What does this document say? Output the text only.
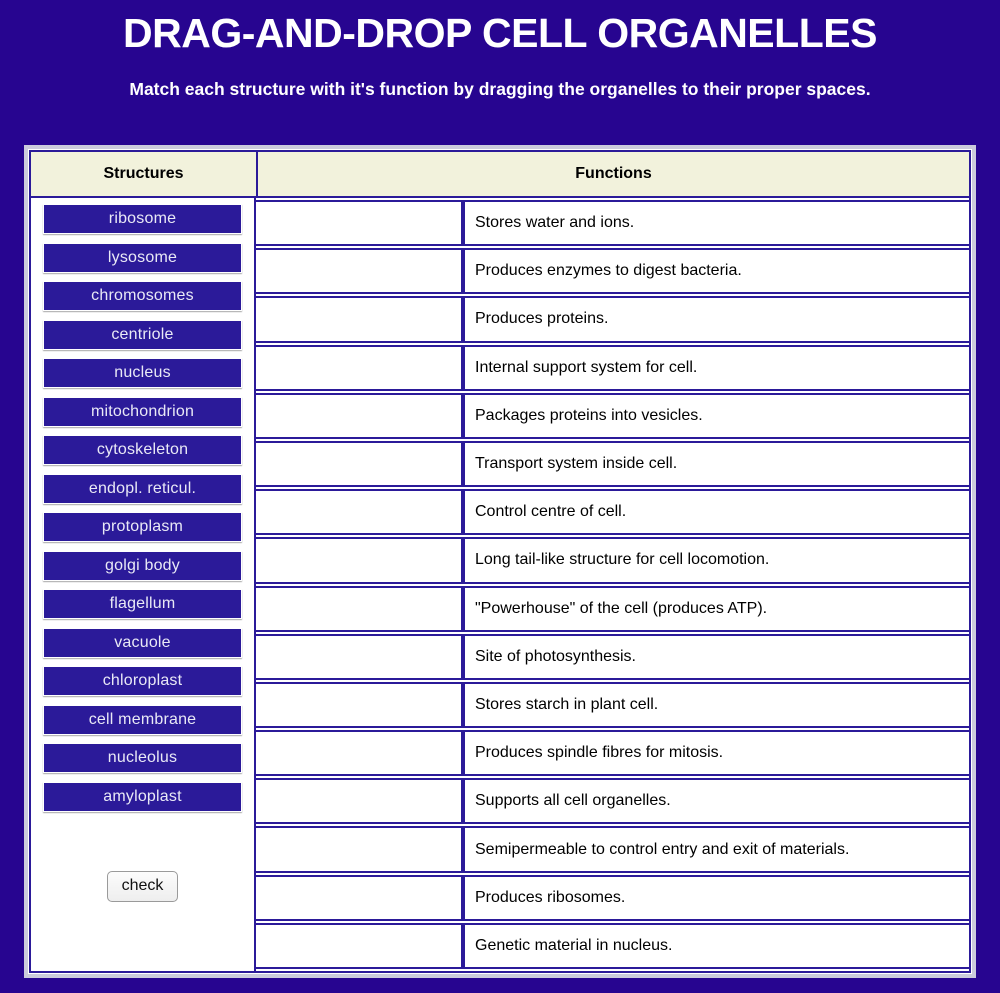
DRAG-AND-DROP CELL ORGANELLES

Match each structure with it's function by dragging the organelles to their proper spaces.

Structures	Functions
ribosome
lysosome
chromosomes
centriole
nucleus
mitochondrion
cytoskeleton
endopl. reticul.
protoplasm
golgi body
flagellum
vacuole
chloroplast
cell membrane
nucleolus
amyloplast
check
Stores water and ions.
Produces enzymes to digest bacteria.
Produces proteins.
Internal support system for cell.
Packages proteins into vesicles.
Transport system inside cell.
Control centre of cell.
Long tail-like structure for cell locomotion.
"Powerhouse" of the cell (produces ATP).
Site of photosynthesis.
Stores starch in plant cell.
Produces spindle fibres for mitosis.
Supports all cell organelles.
Semipermeable to control entry and exit of materials.
Produces ribosomes.
Genetic material in nucleus.
